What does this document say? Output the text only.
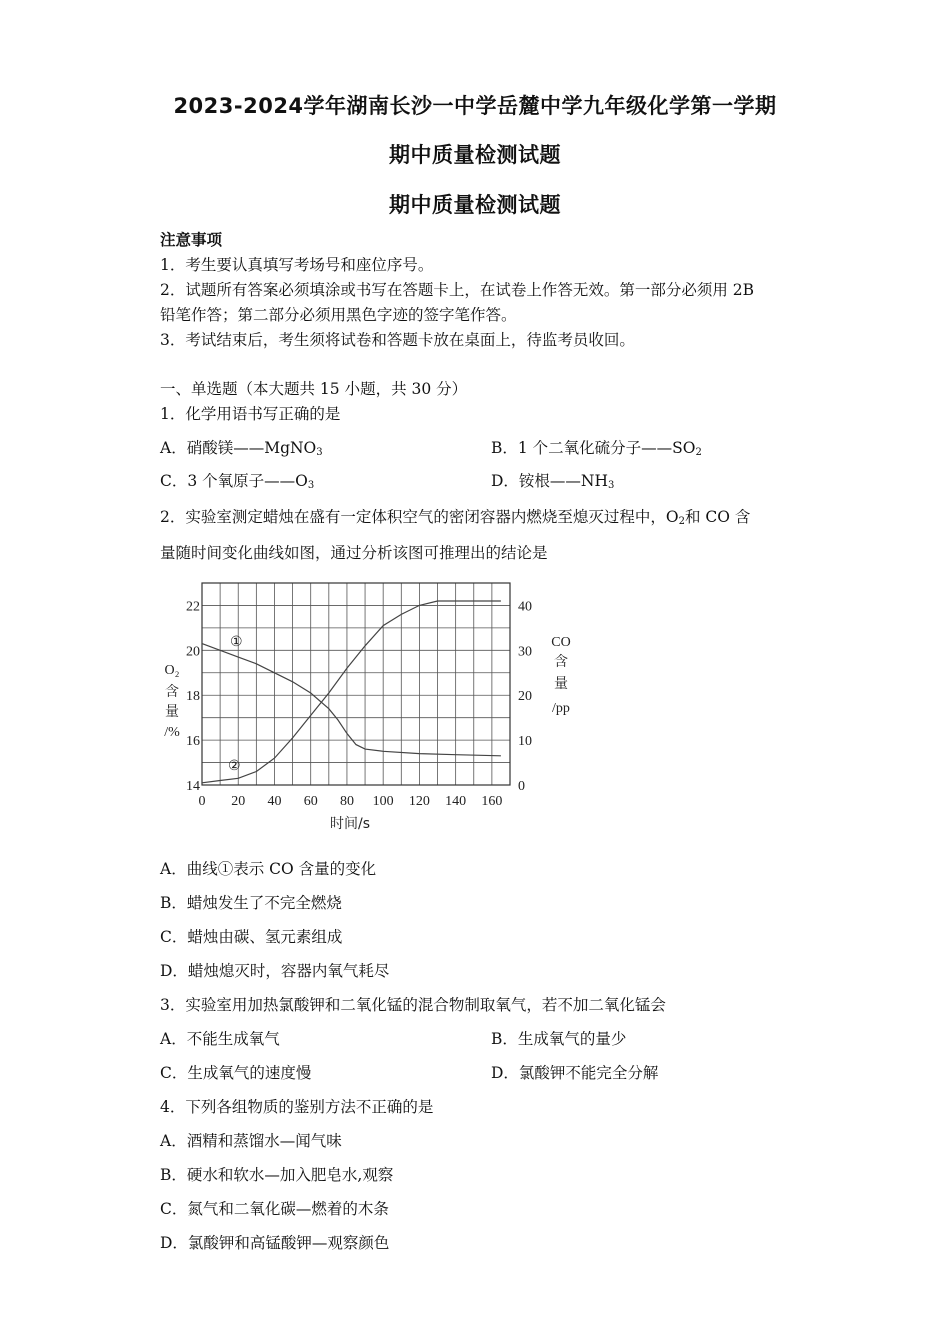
2023-2024学年湖南长沙一中学岳麓中学九年级化学第一学期
期中质量检测试题
期中质量检测试题
注意事项
1．考生要认真填写考场号和座位序号。
2．试题所有答案必须填涂或书写在答题卡上，在试卷上作答无效。第一部分必须用 2B
铅笔作答；第二部分必须用黑色字迹的签字笔作答。
3．考试结束后，考生须将试卷和答题卡放在桌面上，待监考员收回。
一、单选题（本大题共 15 小题，共 30 分）
1．化学用语书写正确的是
A．硝酸镁——MgNO$_3$	B．1 个二氧化硫分子$——SO_2$
C．3 个氧原子$——O_3$	D．铵根$——NH_3$
2．实验室测定蜡烛在盛有一定体积空气的密闭容器内燃烧至熄灭过程中，$O_2$和 CO 含
量随时间变化曲线如图，通过分析该图可推理出的结论是
0 20 40 60 80 100 120 140 160
14
16
18
20
22
0
10
20
30
40
①
②
O₂
含
量
/%
CO
含
量
/pp
时间/s
A．曲线①表示 CO 含量的变化
B．蜡烛发生了不完全燃烧
C．蜡烛由碳、氢元素组成
D．蜡烛熄灭时，容器内氧气耗尽
3．实验室用加热氯酸钾和二氧化锰的混合物制取氧气，若不加二氧化锰会
A．不能生成氧气	B．生成氧气的量少
C．生成氧气的速度慢	D．氯酸钾不能完全分解
4．下列各组物质的鉴别方法不正确的是
A．酒精和蒸馏水—闻气味
B．硬水和软水—加入肥皂水,观察
C．氮气和二氧化碳—燃着的木条
D．氯酸钾和高锰酸钾—观察颜色
